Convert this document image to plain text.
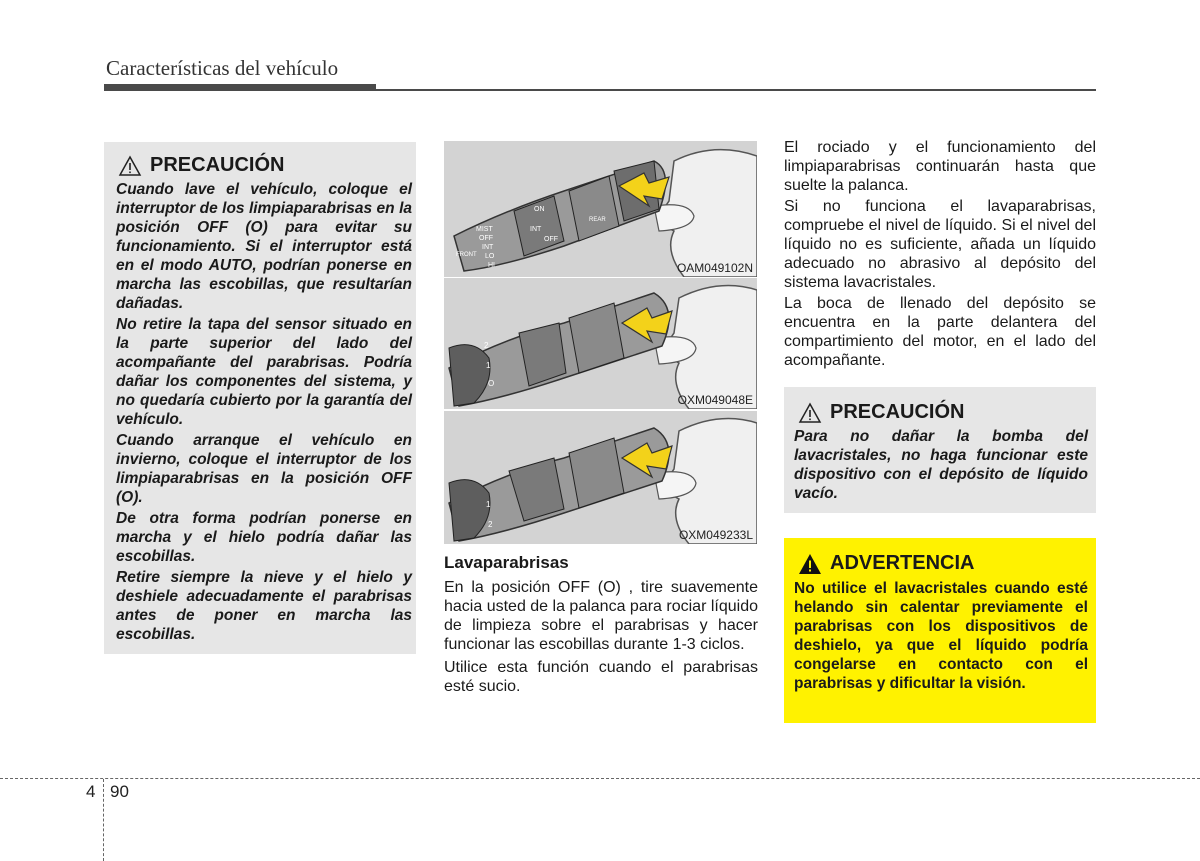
Características del vehículo
PRECAUCIÓN

Cuando lave el vehículo, coloque el interruptor de los limpiaparabrisas en la posición OFF (O) para evitar su funcionamiento. Si el interruptor está en el modo AUTO, podrían ponerse en marcha las escobillas, que resultarían dañadas.

No retire la tapa del sensor situado en la parte superior del lado del acompañante del parabrisas. Podría dañar los componentes del sistema, y no quedaría cubierto por la garantía del vehículo.

Cuando arranque el vehículo en invierno, coloque el interruptor de los limpiaparabrisas en la posición OFF (O).

De otra forma podrían ponerse en marcha y el hielo podría dañar las escobillas.

Retire siempre la nieve y el hielo y deshiele adecuadamente el parabrisas antes de poner en marcha las escobillas.

MIST
OFF
INT
LO
HI
ON
INT
OFF
REAR
FRONT
OAM049102N
2
1
O
OXM049048E
1
2
OXM049233L
Lavaparabrisas

En la posición OFF (O) , tire suavemente hacia usted de la palanca para rociar líquido de limpieza sobre el parabrisas y hacer funcionar las escobillas durante 1-3 ciclos.

Utilice esta función cuando el parabrisas esté sucio.

El rociado y el funcionamiento del limpiaparabrisas continuarán hasta que suelte la palanca.

Si no funciona el lavaparabrisas, compruebe el nivel de líquido. Si el nivel del líquido no es suficiente, añada un líquido adecuado no abrasivo al depósito del sistema lavacristales.

La boca de llenado del depósito se encuentra en la parte delantera del compartimiento del motor, en el lado del acompañante.

PRECAUCIÓN
Para no dañar la bomba del lavacristales, no haga funcionar este dispositivo con el depósito de líquido vacío.
ADVERTENCIA
No utilice el lavacristales cuando esté helando sin calentar previamente el parabrisas con los dispositivos de deshielo, ya que el líquido podría congelarse en contacto con el parabrisas y dificultar la visión.
4 90
